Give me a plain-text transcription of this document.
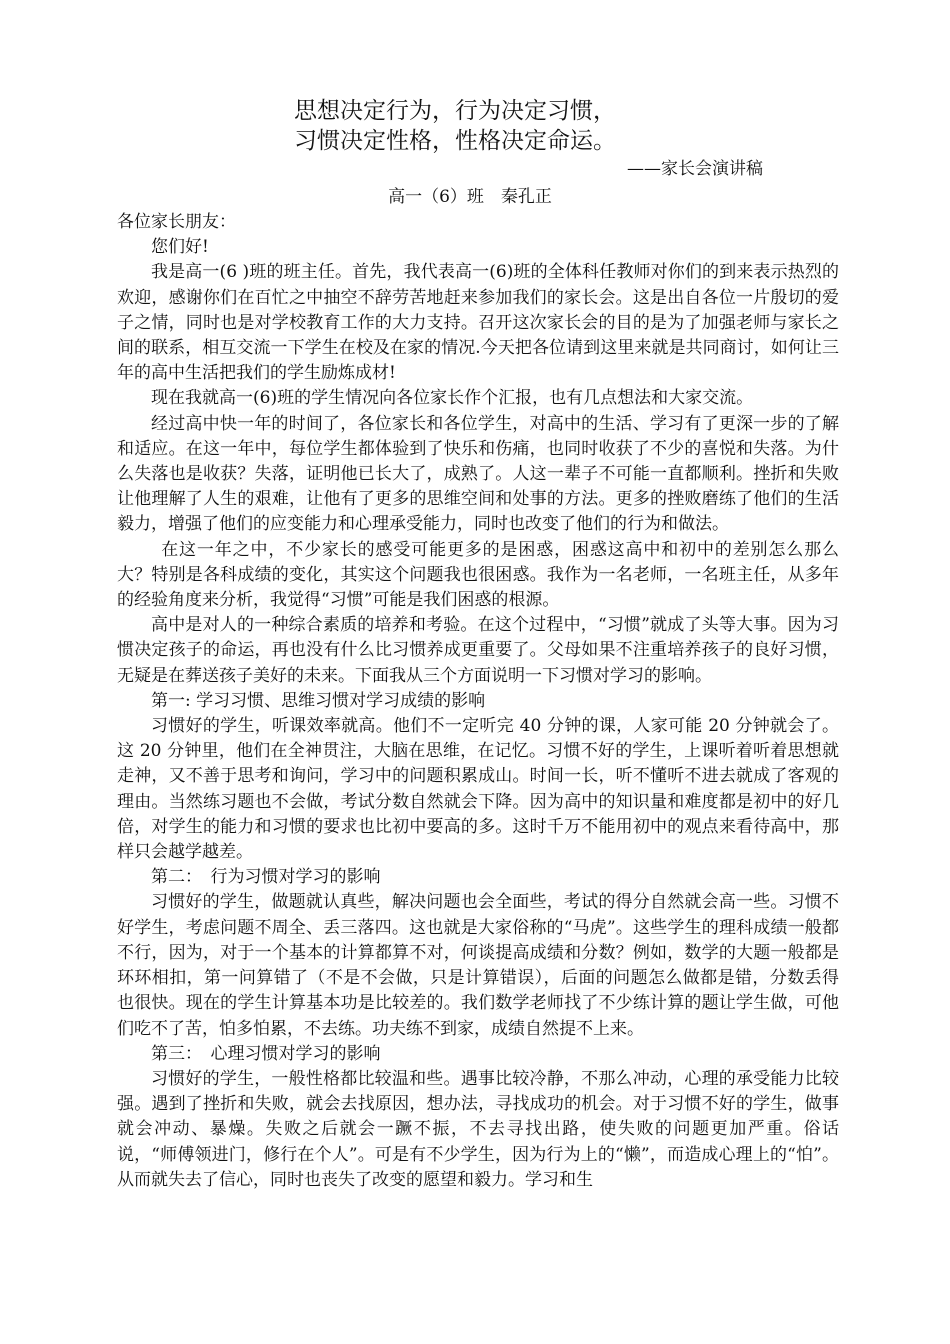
思想决定行为，行为决定习惯，
习惯决定性格，性格决定命运。
——家长会演讲稿
高一（6）班　秦孔正

各位家长朋友：

您们好!

我是高一(6 )班的班主任。首先，我代表高一(6)班的全体科任教师对你们的到来表示热烈的欢迎，感谢你们在百忙之中抽空不辞劳苦地赶来参加我们的家长会。这是出自各位一片殷切的爱子之情，同时也是对学校教育工作的大力支持。召开这次家长会的目的是为了加强老师与家长之间的联系，相互交流一下学生在校及在家的情况.今天把各位请到这里来就是共同商讨，如何让三年的高中生活把我们的学生励炼成材!

现在我就高一(6)班的学生情况向各位家长作个汇报，也有几点想法和大家交流。

经过高中快一年的时间了，各位家长和各位学生，对高中的生活、学习有了更深一步的了解和适应。在这一年中，每位学生都体验到了快乐和伤痛，也同时收获了不少的喜悦和失落。为什么失落也是收获？失落，证明他已长大了，成熟了。人这一辈子不可能一直都顺利。挫折和失败让他理解了人生的艰难，让他有了更多的思维空间和处事的方法。更多的挫败磨练了他们的生活毅力，增强了他们的应变能力和心理承受能力，同时也改变了他们的行为和做法。

在这一年之中，不少家长的感受可能更多的是困惑，困惑这高中和初中的差别怎么那么大？特别是各科成绩的变化，其实这个问题我也很困惑。我作为一名老师，一名班主任，从多年的经验角度来分析，我觉得“习惯”可能是我们困惑的根源。

高中是对人的一种综合素质的培养和考验。在这个过程中，“习惯”就成了头等大事。因为习惯决定孩子的命运，再也没有什么比习惯养成更重要了。父母如果不注重培养孩子的良好习惯，无疑是在葬送孩子美好的未来。下面我从三个方面说明一下习惯对学习的影响。

第一: 学习习惯、思维习惯对学习成绩的影响

习惯好的学生，听课效率就高。他们不一定听完 40 分钟的课，人家可能 20 分钟就会了。这 20 分钟里，他们在全神贯注，大脑在思维，在记忆。习惯不好的学生，上课听着听着思想就走神，又不善于思考和询问，学习中的问题积累成山。时间一长，听不懂听不进去就成了客观的理由。当然练习题也不会做，考试分数自然就会下降。因为高中的知识量和难度都是初中的好几倍，对学生的能力和习惯的要求也比初中要高的多。这时千万不能用初中的观点来看待高中，那样只会越学越差。

第二：　行为习惯对学习的影响

习惯好的学生，做题就认真些，解决问题也会全面些，考试的得分自然就会高一些。习惯不好学生，考虑问题不周全、丢三落四。这也就是大家俗称的“马虎”。这些学生的理科成绩一般都不行，因为，对于一个基本的计算都算不对，何谈提高成绩和分数？例如，数学的大题一般都是环环相扣，第一问算错了（不是不会做，只是计算错误），后面的问题怎么做都是错，分数丢得也很快。现在的学生计算基本功是比较差的。我们数学老师找了不少练计算的题让学生做，可他们吃不了苦，怕多怕累，不去练。功夫练不到家，成绩自然提不上来。

第三：　心理习惯对学习的影响

习惯好的学生，一般性格都比较温和些。遇事比较冷静，不那么冲动，心理的承受能力比较强。遇到了挫折和失败，就会去找原因，想办法，寻找成功的机会。对于习惯不好的学生，做事就会冲动、暴燥。失败之后就会一蹶不振，不去寻找出路，使失败的问题更加严重。俗话说，“师傅领进门，修行在个人”。可是有不少学生，因为行为上的“懒”，而造成心理上的“怕”。从而就失去了信心，同时也丧失了改变的愿望和毅力。学习和生
